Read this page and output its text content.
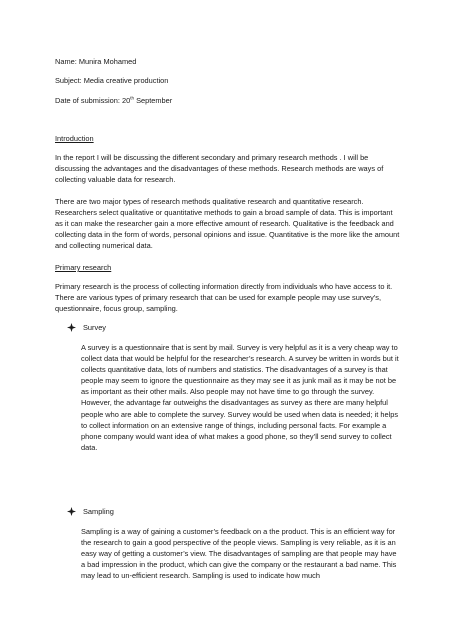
Name: Munira Mohamed

Subject: Media creative production

Date of submission: 20th September

Introduction

In the report I will be discussing the different secondary and primary research methods . I will be discussing the advantages and the disadvantages of these methods. Research methods are ways of collecting valuable data for research.

There are two major types of research methods qualitative research and quantitative research. Researchers select qualitative or quantitative methods to gain a broad sample of data. This is important as it can make the researcher gain a more effective amount of research. Qualitative is the feedback and collecting data in the form of words, personal opinions and issue. Quantitative is the more like the amount and collecting numerical data.

Primary research

Primary research is the process of collecting information directly from individuals who have access to it. There are various types of primary research that can be used for example people may use survey’s, questionnaire, focus group, sampling.

Survey

A survey is a questionnaire that is sent by mail. Survey is very helpful as it is a very cheap way to collect data that would be helpful for the researcher’s research. A survey be written in words but it collects quantitative data, lots of numbers and statistics. The disadvantages of a survey is that people may seem to ignore the questionnaire as they may see it as junk mail as it may be not be as important as their other mails. Also people may not have time to go through the survey. However, the advantage far outweighs the disadvantages as survey as there are many helpful people who are able to complete the survey. Survey would be used when data is needed; it helps to collect information on an extensive range of things, including personal facts. For example a phone company would want idea of what makes a good phone, so they’ll send survey to collect data.

Sampling

Sampling is a way of gaining a customer’s feedback on a the product. This is an efficient way for the research to gain a good perspective of the people views. Sampling is very reliable, as it is an easy way of getting a customer’s view. The disadvantages of sampling are that people may have a bad impression in the product, which can give the company or the restaurant a bad name. This may lead to un-efficient research. Sampling is used to indicate how much
